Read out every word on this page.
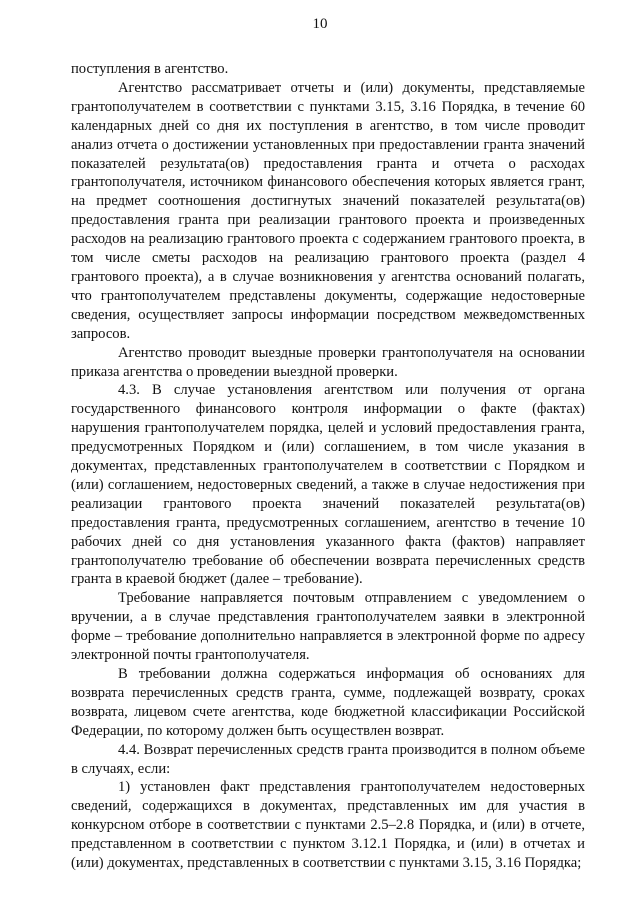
10

поступления в агентство.

Агентство рассматривает отчеты и (или) документы, представляемые грантополучателем в соответствии с пунктами 3.15, 3.16 Порядка, в течение 60 календарных дней со дня их поступления в агентство, в том числе проводит анализ отчета о достижении установленных при предоставлении гранта значений показателей результата(ов) предоставления гранта и отчета о расходах грантополучателя, источником финансового обеспечения которых является грант, на предмет соотношения достигнутых значений показателей результата(ов) предоставления гранта при реализации грантового проекта и произведенных расходов на реализацию грантового проекта с содержанием грантового проекта, в том числе сметы расходов на реализацию грантового проекта (раздел 4 грантового проекта), а в случае возникновения у агентства оснований полагать, что грантополучателем представлены документы, содержащие недостоверные сведения, осуществляет запросы информации посредством межведомственных запросов.

Агентство проводит выездные проверки грантополучателя на основании приказа агентства о проведении выездной проверки.

4.3. В случае установления агентством или получения от органа государственного финансового контроля информации о факте (фактах) нарушения грантополучателем порядка, целей и условий предоставления гранта, предусмотренных Порядком и (или) соглашением, в том числе указания в документах, представленных грантополучателем в соответствии с Порядком и (или) соглашением, недостоверных сведений, а также в случае недостижения при реализации грантового проекта значений показателей результата(ов) предоставления гранта, предусмотренных соглашением, агентство в течение 10 рабочих дней со дня установления указанного факта (фактов) направляет грантополучателю требование об обеспечении возврата перечисленных средств гранта в краевой бюджет (далее – требование).

Требование направляется почтовым отправлением с уведомлением о вручении, а в случае представления грантополучателем заявки в электронной форме – требование дополнительно направляется в электронной форме по адресу электронной почты грантополучателя.

В требовании должна содержаться информация об основаниях для возврата перечисленных средств гранта, сумме, подлежащей возврату, сроках возврата, лицевом счете агентства, коде бюджетной классификации Российской Федерации, по которому должен быть осуществлен возврат.

4.4. Возврат перечисленных средств гранта производится в полном объеме в случаях, если:

1) установлен факт представления грантополучателем недостоверных сведений, содержащихся в документах, представленных им для участия в конкурсном отборе в соответствии с пунктами 2.5–2.8 Порядка, и (или) в отчете, представленном в соответствии с пунктом 3.12.1 Порядка, и (или) в отчетах и (или) документах, представленных в соответствии с пунктами 3.15, 3.16 Порядка;
